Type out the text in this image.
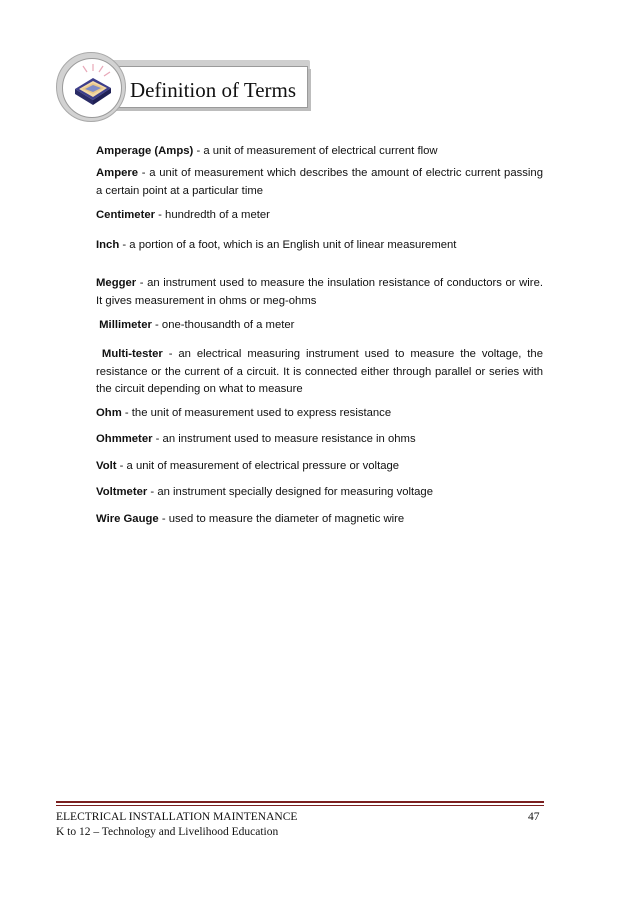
Definition of Terms
Amperage (Amps) - a unit of measurement of electrical current flow
Ampere - a unit of measurement which describes the amount of electric current passing a certain point at a particular time
Centimeter - hundredth of a meter
Inch - a portion of a foot, which is an English unit of linear measurement
Megger - an instrument used to measure the insulation resistance of conductors or wire. It gives measurement in ohms or meg-ohms
Millimeter - one-thousandth of a meter
Multi-tester - an electrical measuring instrument used to measure the voltage, the resistance or the current of a circuit. It is connected either through parallel or series with the circuit depending on what to measure
Ohm - the unit of measurement used to express resistance
Ohmmeter - an instrument used to measure resistance in ohms
Volt - a unit of measurement of electrical pressure or voltage
Voltmeter - an instrument specially designed for measuring voltage
Wire Gauge - used to measure the diameter of magnetic wire
ELECTRICAL INSTALLATION MAINTENANCE
K to 12 – Technology and Livelihood Education
47
